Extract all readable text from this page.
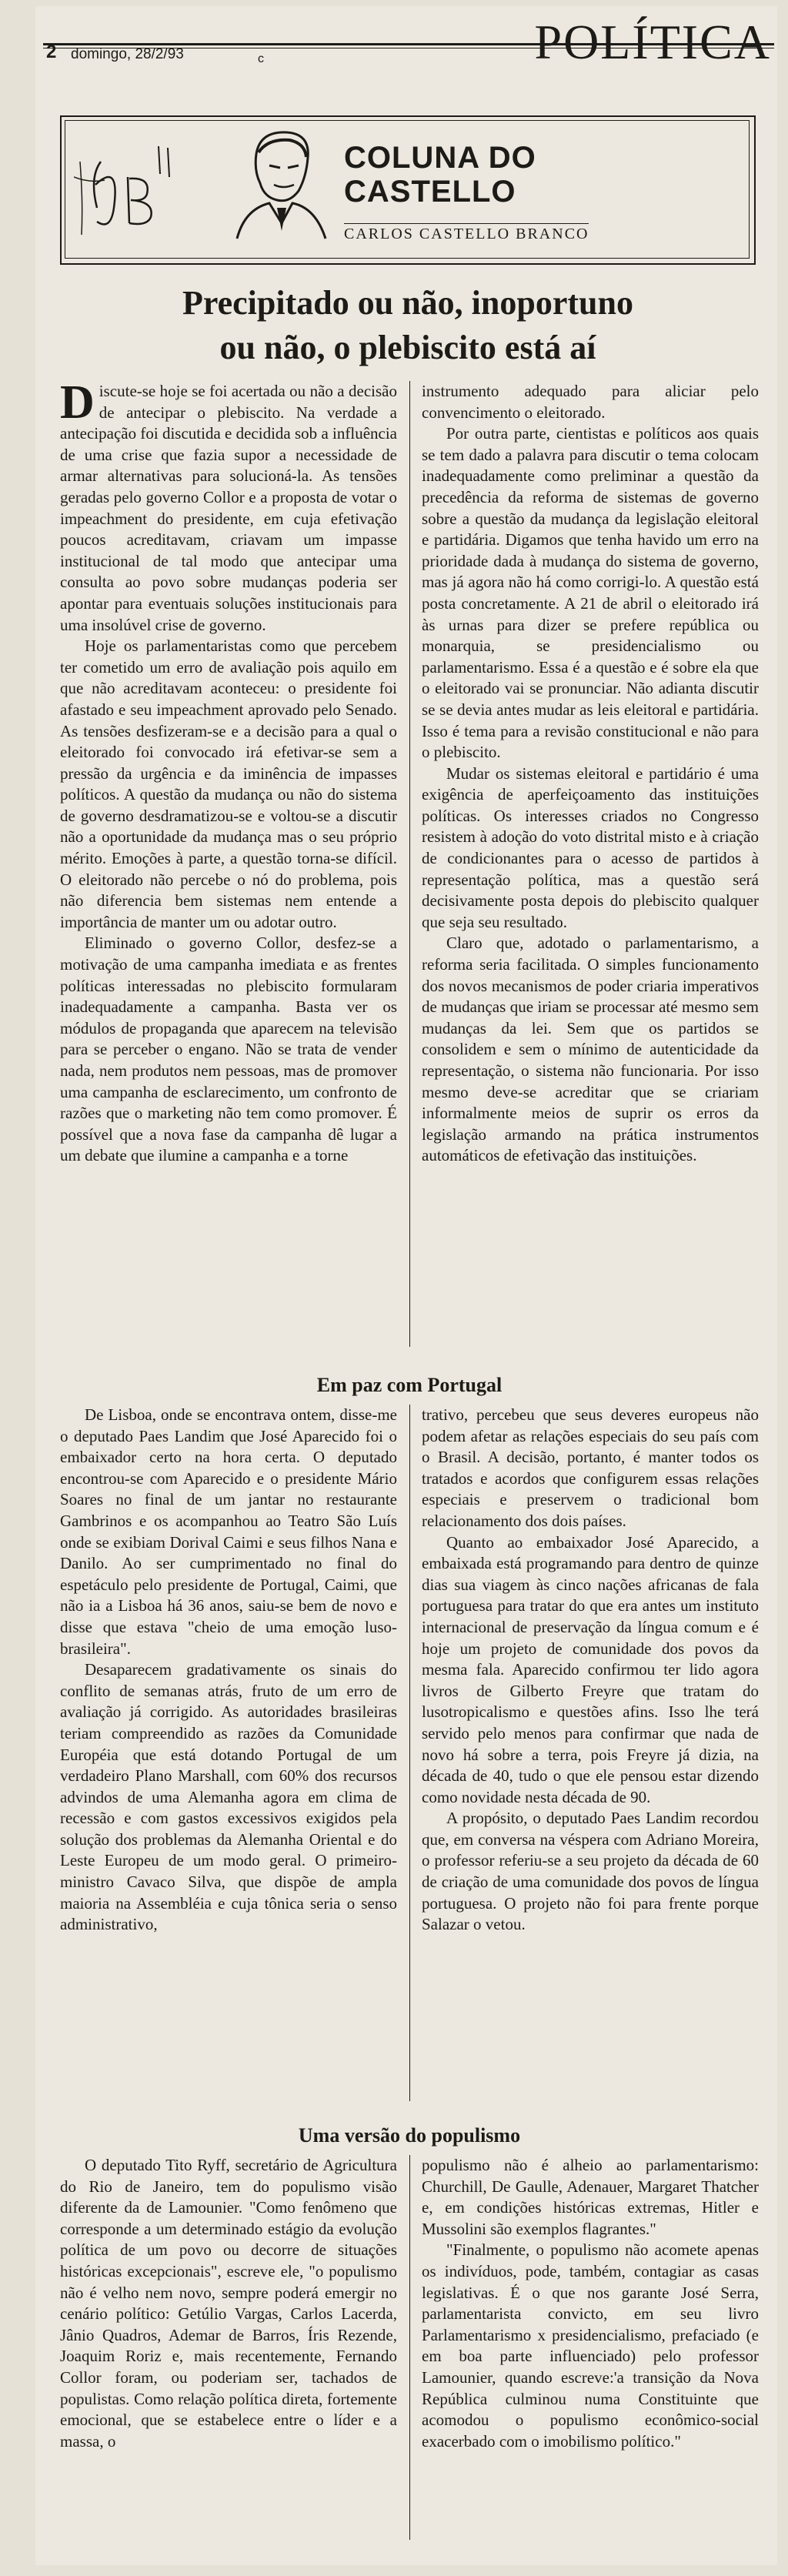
2 domingo, 28/2/93	c	POLÍTICA
COLUNA DO
CASTELLO
CARLOS CASTELLO BRANCO
Precipitado ou não, inoportuno
ou não, o plebiscito está aí

Discute-se hoje se foi acertada ou não a decisão de antecipar o plebiscito. Na verdade a antecipação foi discutida e decidida sob a influência de uma crise que fazia supor a necessidade de armar alternativas para solucioná-la. As tensões geradas pelo governo Collor e a proposta de votar o impeachment do presidente, em cuja efetivação poucos acreditavam, criavam um impasse institucional de tal modo que antecipar uma consulta ao povo sobre mudanças poderia ser apontar para eventuais soluções institucionais para uma insolúvel crise de governo.

Hoje os parlamentaristas como que percebem ter cometido um erro de avaliação pois aquilo em que não acreditavam aconteceu: o presidente foi afastado e seu impeachment aprovado pelo Senado. As tensões desfizeram-se e a decisão para a qual o eleitorado foi convocado irá efetivar-se sem a pressão da urgência e da iminência de impasses políticos. A questão da mudança ou não do sistema de governo desdramatizou-se e voltou-se a discutir não a oportunidade da mudança mas o seu próprio mérito. Emoções à parte, a questão torna-se difícil. O eleitorado não percebe o nó do problema, pois não diferencia bem sistemas nem entende a importância de manter um ou adotar outro.

Eliminado o governo Collor, desfez-se a motivação de uma campanha imediata e as frentes políticas interessadas no plebiscito formularam inadequadamente a campanha. Basta ver os módulos de propaganda que aparecem na televisão para se perceber o engano. Não se trata de vender nada, nem produtos nem pessoas, mas de promover uma campanha de esclarecimento, um confronto de razões que o marketing não tem como promover. É possível que a nova fase da campanha dê lugar a um debate que ilumine a campanha e a torne

instrumento adequado para aliciar pelo convencimento o eleitorado.

Por outra parte, cientistas e políticos aos quais se tem dado a palavra para discutir o tema colocam inadequadamente como preliminar a questão da precedência da reforma de sistemas de governo sobre a questão da mudança da legislação eleitoral e partidária. Digamos que tenha havido um erro na prioridade dada à mudança do sistema de governo, mas já agora não há como corrigi-lo. A questão está posta concretamente. A 21 de abril o eleitorado irá às urnas para dizer se prefere república ou monarquia, se presidencialismo ou parlamentarismo. Essa é a questão e é sobre ela que o eleitorado vai se pronunciar. Não adianta discutir se se devia antes mudar as leis eleitoral e partidária. Isso é tema para a revisão constitucional e não para o plebiscito.

Mudar os sistemas eleitoral e partidário é uma exigência de aperfeiçoamento das instituições políticas. Os interesses criados no Congresso resistem à adoção do voto distrital misto e à criação de condicionantes para o acesso de partidos à representação política, mas a questão será decisivamente posta depois do plebiscito qualquer que seja seu resultado.

Claro que, adotado o parlamentarismo, a reforma seria facilitada. O simples funcionamento dos novos mecanismos de poder criaria imperativos de mudanças que iriam se processar até mesmo sem mudanças da lei. Sem que os partidos se consolidem e sem o mínimo de autenticidade da representação, o sistema não funcionaria. Por isso mesmo deve-se acreditar que se criariam informalmente meios de suprir os erros da legislação armando na prática instrumentos automáticos de efetivação das instituições.

Em paz com Portugal

De Lisboa, onde se encontrava ontem, disse-me o deputado Paes Landim que José Aparecido foi o embaixador certo na hora certa. O deputado encontrou-se com Aparecido e o presidente Mário Soares no final de um jantar no restaurante Gambrinos e os acompanhou ao Teatro São Luís onde se exibiam Dorival Caimi e seus filhos Nana e Danilo. Ao ser cumprimentado no final do espetáculo pelo presidente de Portugal, Caimi, que não ia a Lisboa há 36 anos, saiu-se bem de novo e disse que estava "cheio de uma emoção luso-brasileira".

Desaparecem gradativamente os sinais do conflito de semanas atrás, fruto de um erro de avaliação já corrigido. As autoridades brasileiras teriam compreendido as razões da Comunidade Européia que está dotando Portugal de um verdadeiro Plano Marshall, com 60% dos recursos advindos de uma Alemanha agora em clima de recessão e com gastos excessivos exigidos pela solução dos problemas da Alemanha Oriental e do Leste Europeu de um modo geral. O primeiro-ministro Cavaco Silva, que dispõe de ampla maioria na Assembléia e cuja tônica seria o senso administrativo,

trativo, percebeu que seus deveres europeus não podem afetar as relações especiais do seu país com o Brasil. A decisão, portanto, é manter todos os tratados e acordos que configurem essas relações especiais e preservem o tradicional bom relacionamento dos dois países.

Quanto ao embaixador José Aparecido, a embaixada está programando para dentro de quinze dias sua viagem às cinco nações africanas de fala portuguesa para tratar do que era antes um instituto internacional de preservação da língua comum e é hoje um projeto de comunidade dos povos da mesma fala. Aparecido confirmou ter lido agora livros de Gilberto Freyre que tratam do lusotropicalismo e questões afins. Isso lhe terá servido pelo menos para confirmar que nada de novo há sobre a terra, pois Freyre já dizia, na década de 40, tudo o que ele pensou estar dizendo como novidade nesta década de 90.

A propósito, o deputado Paes Landim recordou que, em conversa na véspera com Adriano Moreira, o professor referiu-se a seu projeto da década de 60 de criação de uma comunidade dos povos de língua portuguesa. O projeto não foi para frente porque Salazar o vetou.

Uma versão do populismo

O deputado Tito Ryff, secretário de Agricultura do Rio de Janeiro, tem do populismo visão diferente da de Lamounier. "Como fenômeno que corresponde a um determinado estágio da evolução política de um povo ou decorre de situações históricas excepcionais", escreve ele, "o populismo não é velho nem novo, sempre poderá emergir no cenário político: Getúlio Vargas, Carlos Lacerda, Jânio Quadros, Ademar de Barros, Íris Rezende, Joaquim Roriz e, mais recentemente, Fernando Collor foram, ou poderiam ser, tachados de populistas. Como relação política direta, fortemente emocional, que se estabelece entre o líder e a massa, o

populismo não é alheio ao parlamentarismo: Churchill, De Gaulle, Adenauer, Margaret Thatcher e, em condições históricas extremas, Hitler e Mussolini são exemplos flagrantes."

"Finalmente, o populismo não acomete apenas os indivíduos, pode, também, contagiar as casas legislativas. É o que nos garante José Serra, parlamentarista convicto, em seu livro Parlamentarismo x presidencialismo, prefaciado (e em boa parte influenciado) pelo professor Lamounier, quando escreve:'a transição da Nova República culminou numa Constituinte que acomodou o populismo econômico-social exacerbado com o imobilismo político."
